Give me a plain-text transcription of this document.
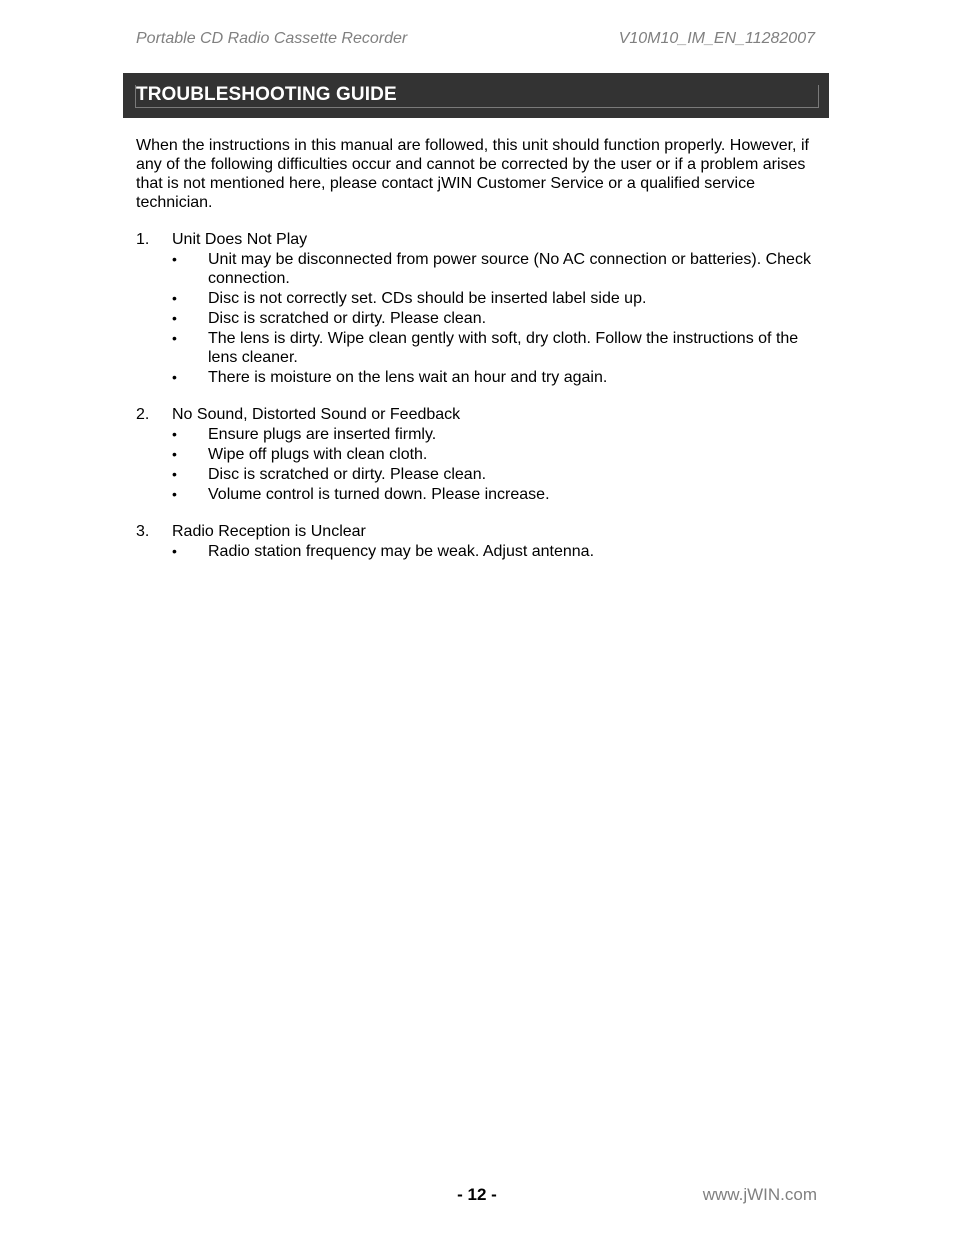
Portable CD Radio Cassette Recorder	V10M10_IM_EN_11282007
TROUBLESHOOTING GUIDE

When the instructions in this manual are followed, this unit should function properly. However, if any of the following difficulties occur and cannot be corrected by the user or if a problem arises that is not mentioned here, please contact jWIN Customer Service or a qualified service technician.

1.	Unit Does Not Play
•	Unit may be disconnected from power source (No AC connection or batteries). Check connection.
•	Disc is not correctly set. CDs should be inserted label side up.
•	Disc is scratched or dirty. Please clean.
•	The lens is dirty. Wipe clean gently with soft, dry cloth. Follow the instructions of the lens cleaner.
•	There is moisture on the lens wait an hour and try again.
2.	No Sound, Distorted Sound or Feedback
•	Ensure plugs are inserted firmly.
•	Wipe off plugs with clean cloth.
•	Disc is scratched or dirty. Please clean.
•	Volume control is turned down. Please increase.
3.	Radio Reception is Unclear
•	Radio station frequency may be weak. Adjust antenna.
- 12 -	www.jWIN.com
